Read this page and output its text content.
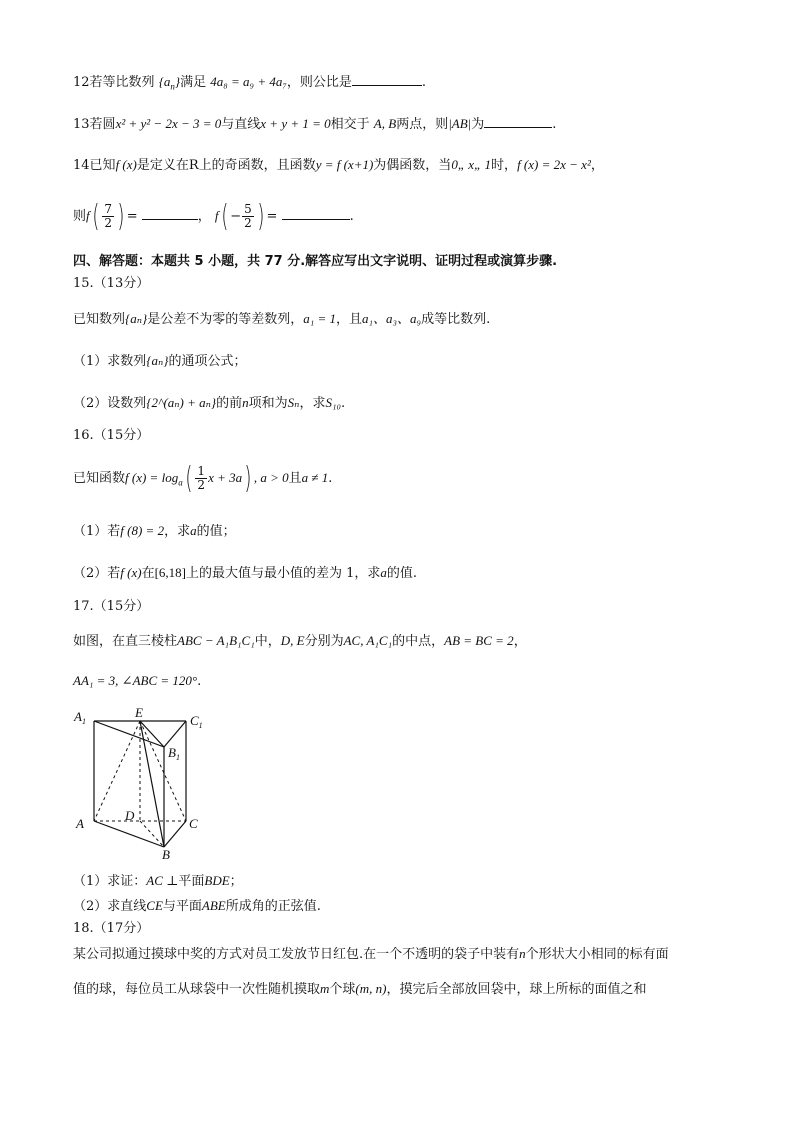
12若等比数列 $\{a_n\}$满足 4a₈ = a₉ + 4a₇，则公比是	.
13若圆x² + y² − 2x − 3 = 0与直线x + y + 1 = 0相交于 A, B两点，则|AB|为	.
14已知f (x)是定义在R上的奇函数，且函数y = f (x+1)为偶函数，当0„ x„ 1时，f (x) = 2x − x²，
则$f( \frac{7}{2}$ ) =	， $f( - \frac{5}{2}$ ) =	.
四、解答题：本题共 5 小题，共 77 分.解答应写出文字说明、证明过程或演算步骤.
15.（13分）
已知数列{aₙ}是公差不为零的等差数列，a₁ = 1，且a₁、a₃、a₉成等比数列.
（1）求数列{aₙ}的通项公式；
（2）设数列{2^(aₙ) + aₙ}的前n项和为Sₙ，求S₁₀.
16.（15分）
已知函数f $(x) = \log_a( \frac{1}{2}$ x + 3a) , a > 0且a ≠ 1.
（1）若f (8) = 2，求a的值；
（2）若f (x)在[6,18]上的最大值与最小值的差为 1，求a的值.
17.（15分）
如图，在直三棱柱ABC − A₁B₁C₁中，D, E分别为AC, A₁C₁的中点，AB = BC = 2，
AA₁ = 3, ∠ABC = 120°.
$A_1$
E
$C_1$
$B_1$
A
D
C
B
（1）求证：AC ⊥平面BDE；
（2）求直线CE与平面ABE所成角的正弦值.
18.（17分）
某公司拟通过摸球中奖的方式对员工发放节日红包.在一个不透明的袋子中装有n个形状大小相同的标有面
值的球，每位员工从球袋中一次性随机摸取m个球(m, n)，摸完后全部放回袋中，球上所标的面值之和
